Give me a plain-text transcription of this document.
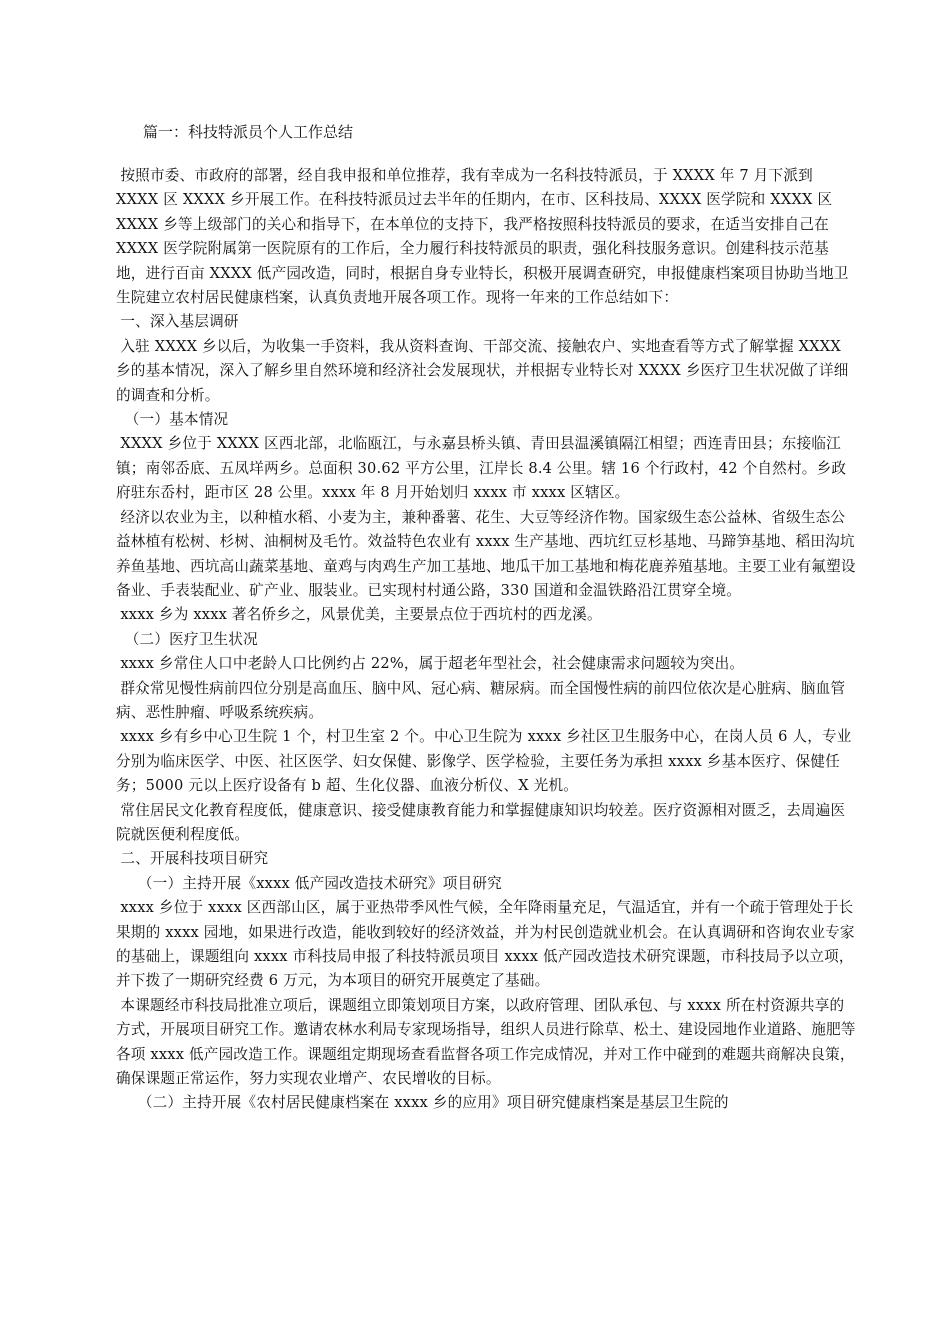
篇一：科技特派员个人工作总结

按照市委、市政府的部署，经自我申报和单位推荐，我有幸成为一名科技特派员，于 XXXX 年 7 月下派到 XXXX 区 XXXX 乡开展工作。在科技特派员过去半年的任期内，在市、区科技局、XXXX 医学院和 XXXX 区 XXXX 乡等上级部门的关心和指导下，在本单位的支持下，我严格按照科技特派员的要求，在适当安排自己在 XXXX 医学院附属第一医院原有的工作后，全力履行科技特派员的职责，强化科技服务意识。创建科技示范基地，进行百亩 XXXX 低产园改造，同时，根据自身专业特长，积极开展调查研究，申报健康档案项目协助当地卫生院建立农村居民健康档案，认真负责地开展各项工作。现将一年来的工作总结如下：

一、深入基层调研

入驻 XXXX 乡以后，为收集一手资料，我从资料查询、干部交流、接触农户、实地查看等方式了解掌握 XXXX 乡的基本情况，深入了解乡里自然环境和经济社会发展现状，并根据专业特长对 XXXX 乡医疗卫生状况做了详细的调查和分析。

（一）基本情况

XXXX 乡位于 XXXX 区西北部，北临瓯江，与永嘉县桥头镇、青田县温溪镇隔江相望；西连青田县；东接临江镇；南邻岙底、五凤垟两乡。总面积 30.62 平方公里，江岸长 8.4 公里。辖 16 个行政村，42 个自然村。乡政府驻东岙村，距市区 28 公里。xxxx 年 8 月开始划归 xxxx 市 xxxx 区辖区。

经济以农业为主，以种植水稻、小麦为主，兼种番薯、花生、大豆等经济作物。国家级生态公益林、省级生态公益林植有松树、杉树、油桐树及毛竹。效益特色农业有 xxxx 生产基地、西坑红豆杉基地、马蹄笋基地、稻田沟坑养鱼基地、西坑高山蔬菜基地、童鸡与肉鸡生产加工基地、地瓜干加工基地和梅花鹿养殖基地。主要工业有氟塑设备业、手表装配业、矿产业、服装业。已实现村村通公路，330 国道和金温铁路沿江贯穿全境。

xxxx 乡为 xxxx 著名侨乡之，风景优美，主要景点位于西坑村的西龙溪。

（二）医疗卫生状况

xxxx 乡常住人口中老龄人口比例约占 22%，属于超老年型社会，社会健康需求问题较为突出。

群众常见慢性病前四位分别是高血压、脑中风、冠心病、糖尿病。而全国慢性病的前四位依次是心脏病、脑血管病、恶性肿瘤、呼吸系统疾病。

xxxx 乡有乡中心卫生院 1 个，村卫生室 2 个。中心卫生院为 xxxx 乡社区卫生服务中心，在岗人员 6 人，专业分别为临床医学、中医、社区医学、妇女保健、影像学、医学检验，主要任务为承担 xxxx 乡基本医疗、保健任务；5000 元以上医疗设备有 b 超、生化仪器、血液分析仪、X 光机。

常住居民文化教育程度低，健康意识、接受健康教育能力和掌握健康知识均较差。医疗资源相对匮乏，去周遍医院就医便利程度低。

二、开展科技项目研究

（一）主持开展《xxxx 低产园改造技术研究》项目研究

xxxx 乡位于 xxxx 区西部山区，属于亚热带季风性气候，全年降雨量充足，气温适宜，并有一个疏于管理处于长果期的 xxxx 园地，如果进行改造，能收到较好的经济效益，并为村民创造就业机会。在认真调研和咨询农业专家的基础上，课题组向 xxxx 市科技局申报了科技特派员项目 xxxx 低产园改造技术研究课题，市科技局予以立项，并下拨了一期研究经费 6 万元，为本项目的研究开展奠定了基础。

本课题经市科技局批准立项后，课题组立即策划项目方案，以政府管理、团队承包、与 xxxx 所在村资源共享的方式，开展项目研究工作。邀请农林水利局专家现场指导，组织人员进行除草、松土、建设园地作业道路、施肥等各项 xxxx 低产园改造工作。课题组定期现场查看监督各项工作完成情况，并对工作中碰到的难题共商解决良策，确保课题正常运作，努力实现农业增产、农民增收的目标。

（二）主持开展《农村居民健康档案在 xxxx 乡的应用》项目研究健康档案是基层卫生院的
